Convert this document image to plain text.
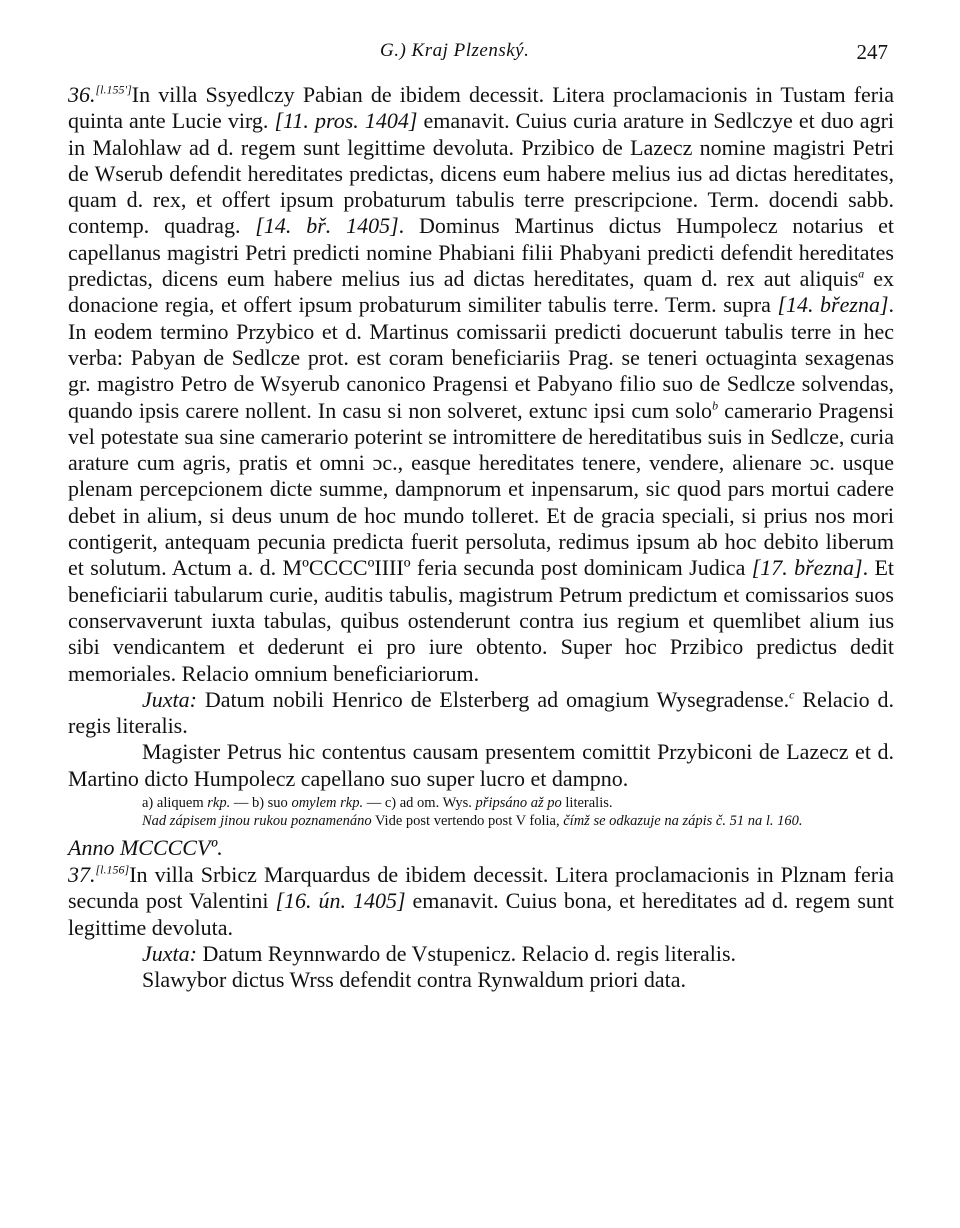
G.) Kraj Plzenský.	247

36.[l.155']In villa Ssyedlczy Pabian de ibidem decessit. Litera proclamacionis in Tustam feria quinta ante Lucie virg. [11. pros. 1404] emanavit. Cuius curia arature in Sedlczye et duo agri in Malohlaw ad d. regem sunt legittime devoluta. Przibico de Lazecz nomine magistri Petri de Wserub defendit hereditates predictas, dicens eum habere melius ius ad dictas hereditates, quam d. rex, et offert ipsum probaturum tabulis terre prescripcione. Term. docendi sabb. contemp. quadrag. [14. bř. 1405]. Dominus Martinus dictus Humpolecz notarius et capellanus magistri Petri predicti nomine Phabiani filii Phabyani predicti defendit hereditates predictas, dicens eum habere melius ius ad dictas hereditates, quam d. rex aut aliquis$^a$ ex donacione regia, et offert ipsum probaturum similiter tabulis terre. Term. supra [14. března]. In eodem termino Przybico et d. Martinus comissarii predicti docuerunt tabulis terre in hec verba: Pabyan de Sedlcze prot. est coram beneficiariis Prag. se teneri octuaginta sexagenas gr. magistro Petro de Wsyerub canonico Pragensi et Pabyano filio suo de Sedlcze solvendas, quando ipsis carere nollent. In casu si non solveret, extunc ipsi cum solo$^b$ camerario Pragensi vel potestate sua sine camerario poterint se intromittere de hereditatibus suis in Sedlcze, curia arature cum agris, pratis et omni ɔc., easque hereditates tenere, vendere, alienare ɔc. usque plenam percepcionem dicte summe, dampnorum et inpensarum, sic quod pars mortui cadere debet in alium, si deus unum de hoc mundo tolleret. Et de gracia speciali, si prius nos mori contigerit, antequam pecunia predicta fuerit persoluta, redimus ipsum ab hoc debito liberum et solutum. Actum a. d. MºCCCCºIIIIº feria secunda post dominicam Judica [17. března]. Et beneficiarii tabularum curie, auditis tabulis, magistrum Petrum predictum et comissarios suos conservaverunt iuxta tabulas, quibus ostenderunt contra ius regium et quemlibet alium ius sibi vendicantem et dederunt ei pro iure obtento. Super hoc Przibico predictus dedit memoriales. Relacio omnium beneficiariorum.

Juxta: Datum nobili Henrico de Elsterberg ad omagium Wysegradense.$^c$ Relacio d. regis literalis.

Magister Petrus hic contentus causam presentem comittit Przybiconi de Lazecz et d. Martino dicto Humpolecz capellano suo super lucro et dampno.

a) aliquem rkp. — b) suo omylem rkp. — c) ad om. Wys. připsáno až po literalis.
Nad zápisem jinou rukou poznamenáno Vide post vertendo post V folia, čímž se odkazuje na zápis č. 51 na l. 160.

Anno MCCCCVº.

37.[l.156]In villa Srbicz Marquardus de ibidem decessit. Litera proclamacionis in Plznam feria secunda post Valentini [16. ún. 1405] emanavit. Cuius bona, et hereditates ad d. regem sunt legittime devoluta.

Juxta: Datum Reynnwardo de Vstupenicz. Relacio d. regis literalis.

Slawybor dictus Wrss defendit contra Rynwaldum priori data.
